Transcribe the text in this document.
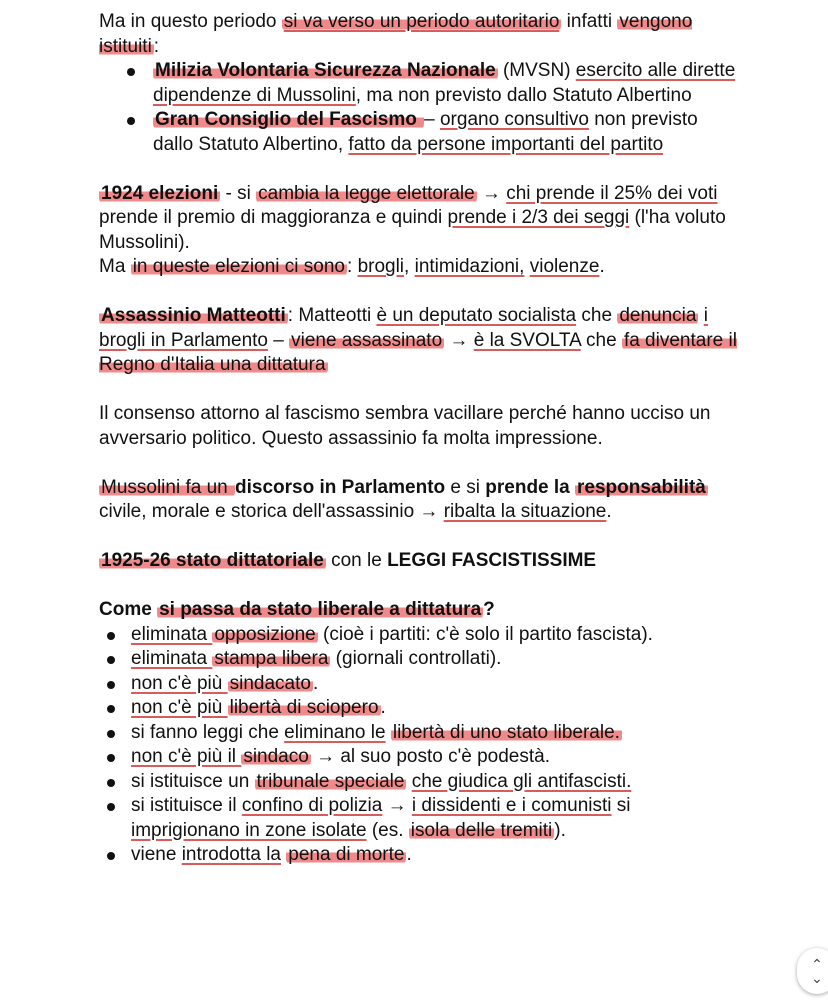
Ma in questo periodo si va verso un periodo autoritario infatti vengono istituiti :

Milizia Volontaria Sicurezza Nazionale (MVSN) esercito alle dirette dipendenze di Mussolini, ma non previsto dallo Statuto Albertino
Gran Consiglio del Fascismo – organo consultivo non previsto dallo Statuto Albertino, fatto da persone importanti del partito

1924 elezioni - si cambia la legge elettorale → chi prende il 25% dei voti prende il premio di maggioranza e quindi prende i 2/3 dei seggi (l'ha voluto Mussolini).

Ma in queste elezioni ci sono : brogli, intimidazioni, violenze.

Assassinio Matteotti : Matteotti è un deputato socialista che denuncia i brogli in Parlamento – viene assassinato → è la SVOLTA che fa diventare il Regno d'Italia una dittatura

Il consenso attorno al fascismo sembra vacillare perché hanno ucciso un avversario politico. Questo assassinio fa molta impressione.

Mussolini fa un discorso in Parlamento e si prende la responsabilità civile, morale e storica dell'assassinio → ribalta la situazione.

1925-26 stato dittatoriale con le LEGGI FASCISTISSIME

Come si passa da stato liberale a dittatura ?

eliminata opposizione (cioè i partiti: c'è solo il partito fascista).
eliminata stampa libera (giornali controllati).
non c'è più sindacato .
non c'è più libertà di sciopero .
si fanno leggi che eliminano le libertà di uno stato liberale.
non c'è più il sindaco → al suo posto c'è podestà.
si istituisce un tribunale speciale che giudica gli antifascisti.
si istituisce il confino di polizia → i dissidenti e i comunisti si imprigionano in zone isolate (es. isola delle tremiti ).
viene introdotta la pena di morte .
⌃
⌄
